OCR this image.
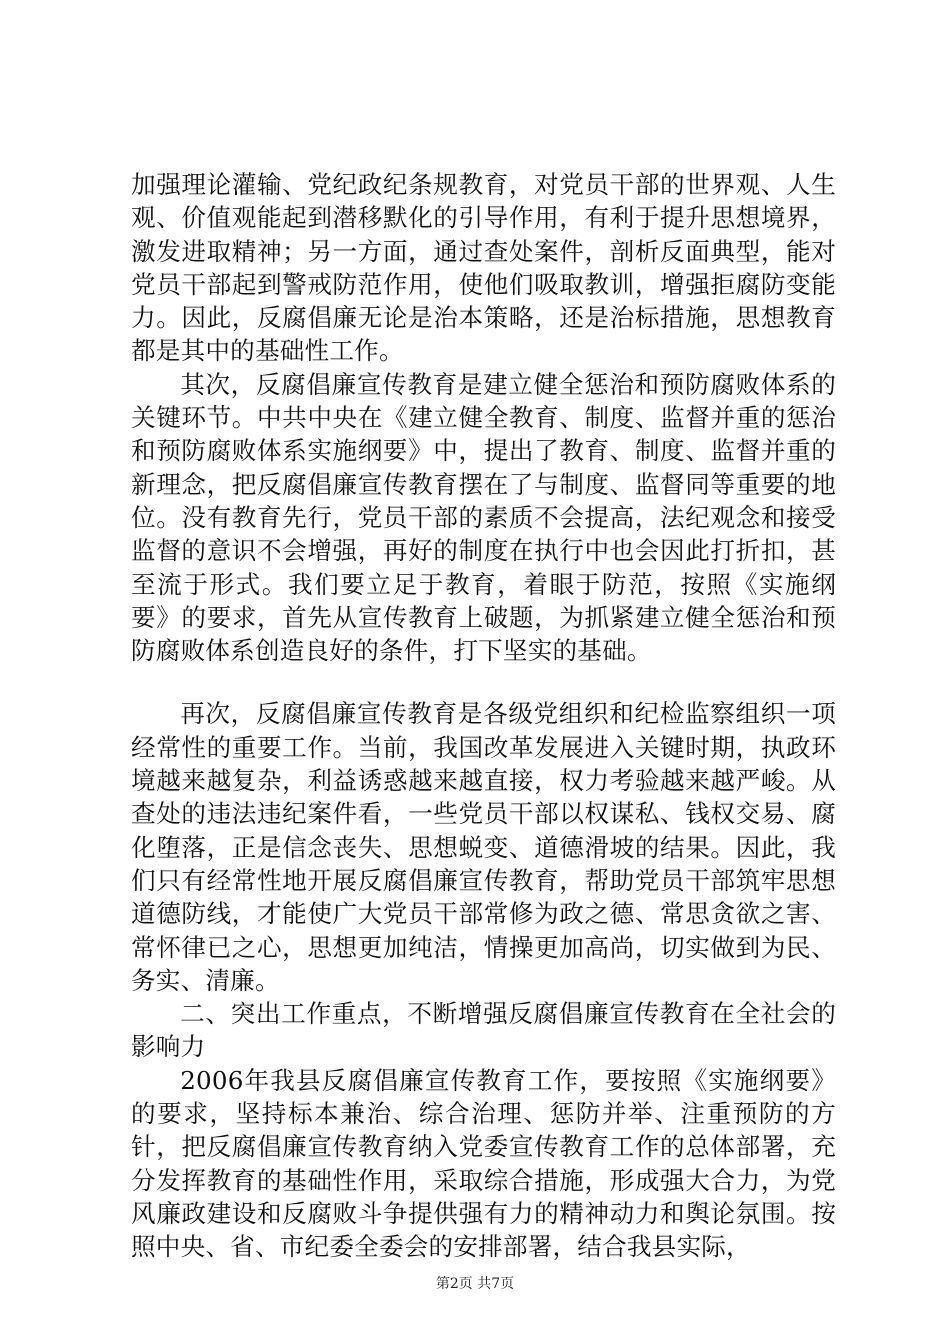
加强理论灌输、党纪政纪条规教育，对党员干部的世界观、人生观、价值观能起到潜移默化的引导作用，有利于提升思想境界，激发进取精神；另一方面，通过查处案件，剖析反面典型，能对党员干部起到警戒防范作用，使他们吸取教训，增强拒腐防变能力。因此，反腐倡廉无论是治本策略，还是治标措施，思想教育都是其中的基础性工作。

其次，反腐倡廉宣传教育是建立健全惩治和预防腐败体系的关键环节。中共中央在《建立健全教育、制度、监督并重的惩治和预防腐败体系实施纲要》中，提出了教育、制度、监督并重的新理念，把反腐倡廉宣传教育摆在了与制度、监督同等重要的地位。没有教育先行，党员干部的素质不会提高，法纪观念和接受监督的意识不会增强，再好的制度在执行中也会因此打折扣，甚至流于形式。我们要立足于教育，着眼于防范，按照《实施纲要》的要求，首先从宣传教育上破题，为抓紧建立健全惩治和预防腐败体系创造良好的条件，打下坚实的基础。

再次，反腐倡廉宣传教育是各级党组织和纪检监察组织一项经常性的重要工作。当前，我国改革发展进入关键时期，执政环境越来越复杂，利益诱惑越来越直接，权力考验越来越严峻。从查处的违法违纪案件看，一些党员干部以权谋私、钱权交易、腐化堕落，正是信念丧失、思想蜕变、道德滑坡的结果。因此，我们只有经常性地开展反腐倡廉宣传教育，帮助党员干部筑牢思想道德防线，才能使广大党员干部常修为政之德、常思贪欲之害、常怀律已之心，思想更加纯洁，情操更加高尚，切实做到为民、务实、清廉。

二、突出工作重点，不断增强反腐倡廉宣传教育在全社会的影响力

2006年我县反腐倡廉宣传教育工作，要按照《实施纲要》的要求，坚持标本兼治、综合治理、惩防并举、注重预防的方针，把反腐倡廉宣传教育纳入党委宣传教育工作的总体部署，充分发挥教育的基础性作用，采取综合措施，形成强大合力，为党风廉政建设和反腐败斗争提供强有力的精神动力和舆论氛围。按照中央、省、市纪委全委会的安排部署，结合我县实际，

第2页 共7页
